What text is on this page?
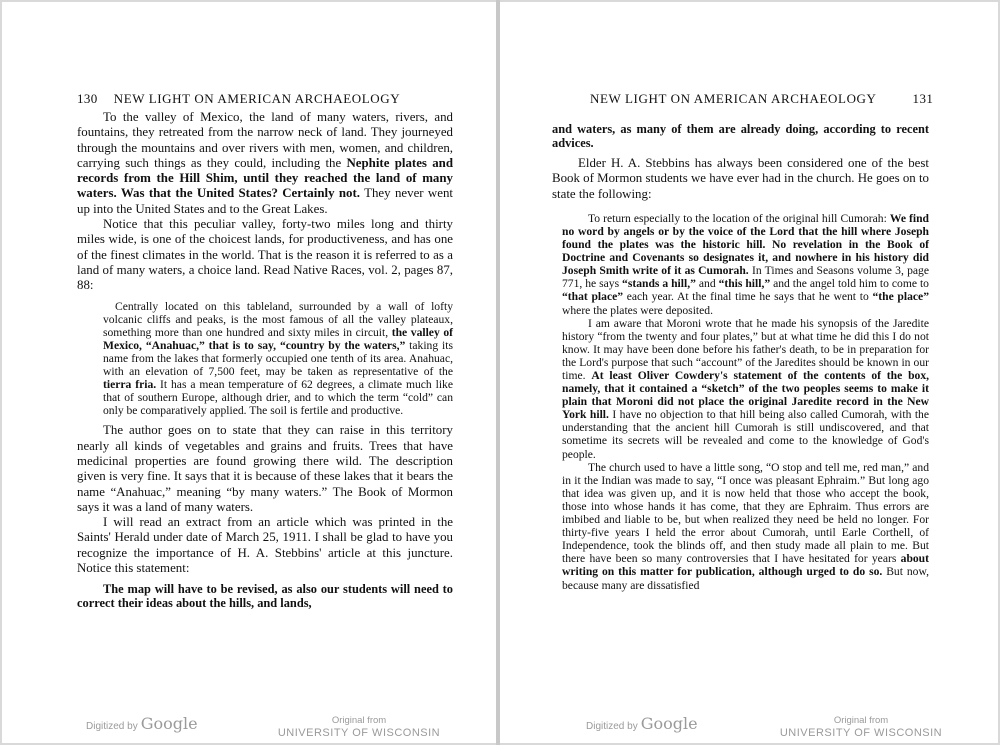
130 NEW LIGHT ON AMERICAN ARCHAEOLOGY

To the valley of Mexico, the land of many waters, rivers, and fountains, they retreated from the narrow neck of land. They journeyed through the mountains and over rivers with men, women, and children, carrying such things as they could, including the Nephite plates and records from the Hill Shim, until they reached the land of many waters. Was that the United States? Certainly not. They never went up into the United States and to the Great Lakes.

Notice that this peculiar valley, forty-two miles long and thirty miles wide, is one of the choicest lands, for productiveness, and has one of the finest climates in the world. That is the reason it is referred to as a land of many waters, a choice land. Read Native Races, vol. 2, pages 87, 88:

Centrally located on this tableland, surrounded by a wall of lofty volcanic cliffs and peaks, is the most famous of all the valley plateaux, something more than one hundred and sixty miles in circuit, the valley of Mexico, “Anahuac,” that is to say, “country by the waters,” taking its name from the lakes that formerly occupied one tenth of its area. Anahuac, with an elevation of 7,500 feet, may be taken as representative of the tierra fria. It has a mean temperature of 62 degrees, a climate much like that of southern Europe, although drier, and to which the term “cold” can only be comparatively applied. The soil is fertile and productive.

The author goes on to state that they can raise in this territory nearly all kinds of vegetables and grains and fruits. Trees that have medicinal properties are found growing there wild. The description given is very fine. It says that it is because of these lakes that it bears the name “Anahuac,” meaning “by many waters.” The Book of Mormon says it was a land of many waters.

I will read an extract from an article which was printed in the Saints' Herald under date of March 25, 1911. I shall be glad to have you recognize the importance of H. A. Stebbins' article at this juncture. Notice this statement:

The map will have to be revised, as also our students will need to correct their ideas about the hills, and lands,

Digitized by Google	Original from
UNIVERSITY OF WISCONSIN
NEW LIGHT ON AMERICAN ARCHAEOLOGY	131

and waters, as many of them are already doing, according to recent advices.

Elder H. A. Stebbins has always been considered one of the best Book of Mormon students we have ever had in the church. He goes on to state the following:

To return especially to the location of the original hill Cumorah: We find no word by angels or by the voice of the Lord that the hill where Joseph found the plates was the historic hill. No revelation in the Book of Doctrine and Covenants so designates it, and nowhere in his history did Joseph Smith write of it as Cumorah. In Times and Seasons volume 3, page 771, he says “stands a hill,” and “this hill,” and the angel told him to come to “that place” each year. At the final time he says that he went to “the place” where the plates were deposited.

I am aware that Moroni wrote that he made his synopsis of the Jaredite history “from the twenty and four plates,” but at what time he did this I do not know. It may have been done before his father's death, to be in preparation for the Lord's purpose that such “account” of the Jaredites should be known in our time. At least Oliver Cowdery's statement of the contents of the box, namely, that it contained a “sketch” of the two peoples seems to make it plain that Moroni did not place the original Jaredite record in the New York hill. I have no objection to that hill being also called Cumorah, with the understanding that the ancient hill Cumorah is still undiscovered, and that sometime its secrets will be revealed and come to the knowledge of God's people.

The church used to have a little song, “O stop and tell me, red man,” and in it the Indian was made to say, “I once was pleasant Ephraim.” But long ago that idea was given up, and it is now held that those who accept the book, those into whose hands it has come, that they are Ephraim. Thus errors are imbibed and liable to be, but when realized they need be held no longer. For thirty-five years I held the error about Cumorah, until Earle Corthell, of Independence, took the blinds off, and then study made all plain to me. But there have been so many controversies that I have hesitated for years about writing on this matter for publication, although urged to do so. But now, because many are dissatisfied

Digitized by Google	Original from
UNIVERSITY OF WISCONSIN
